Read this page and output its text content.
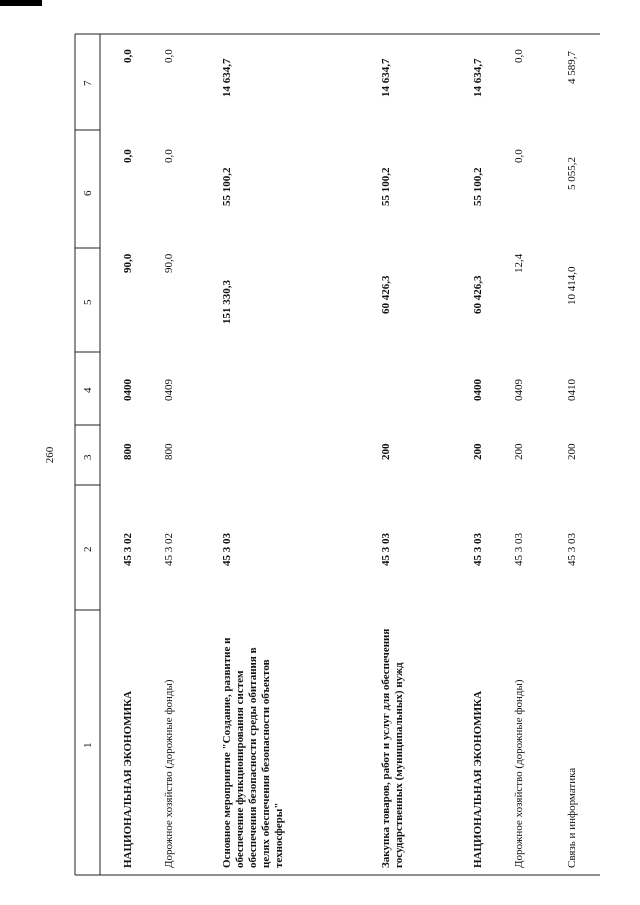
260
1
2
3
4
5
6
7
НАЦИОНАЛЬНАЯ ЭКОНОМИКА
45 3 02
800
0400
90,0
0,0
0,0
Дорожное хозяйство (дорожные фонды)
45 3 02
800
0409
90,0
0,0
0,0
Основное мероприятие "Создание, развитие и обеспечение функционирования систем обеспечения безопасности среды обитания в целях обеспечения безопасности объектов техносферы"
45 3 03
151 330,3
55 100,2
14 634,7
Закупка товаров, работ и услуг для обеспечения государственных (муниципальных) нужд
45 3 03
200
60 426,3
55 100,2
14 634,7
НАЦИОНАЛЬНАЯ ЭКОНОМИКА
45 3 03
200
0400
60 426,3
55 100,2
14 634,7
Дорожное хозяйство (дорожные фонды)
45 3 03
200
0409
12,4
0,0
0,0
Связь и информатика
45 3 03
200
0410
10 414,0
5 055,2
4 589,7
